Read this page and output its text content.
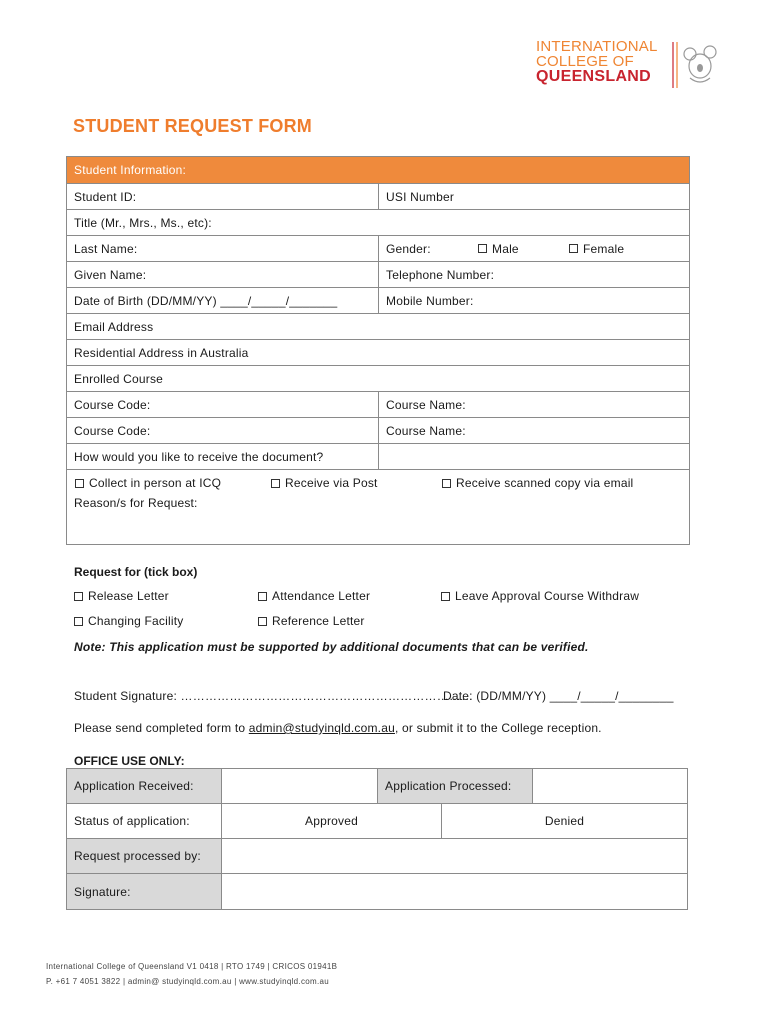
INTERNATIONAL
COLLEGE OF
QUEENSLAND
STUDENT REQUEST FORM
Student Information:
Student ID:	USI Number
Title (Mr., Mrs., Ms., etc):
Last Name:	Gender:	Male	Female
Given Name:	Telephone Number:
Date of Birth (DD/MM/YY) ____/_____/_______	Mobile Number:
Email Address
Residential Address in Australia
Enrolled Course
Course Code:	Course Name:
Course Code:	Course Name:
How would you like to receive the document?
Collect in person at ICQ	Receive via Post	Receive scanned copy via email
Reason/s for Request:
Request for (tick box)
Release Letter	Attendance Letter	Leave Approval Course Withdraw
Changing Facility	Reference Letter
Note: This application must be supported by additional documents that can be verified.
Student Signature: ………………………………………………………………
Date: (DD/MM/YY) ____/_____/________
Please send completed form to admin@studyinqld.com.au, or submit it to the College reception.
OFFICE USE ONLY:
Application Received:	Application Processed:
Status of application:	Approved	Denied
Request processed by:
Signature:
International College of Queensland V1 0418 | RTO 1749 | CRICOS 01941B
P. +61 7 4051 3822 | admin@ studyinqld.com.au | www.studyinqld.com.au
